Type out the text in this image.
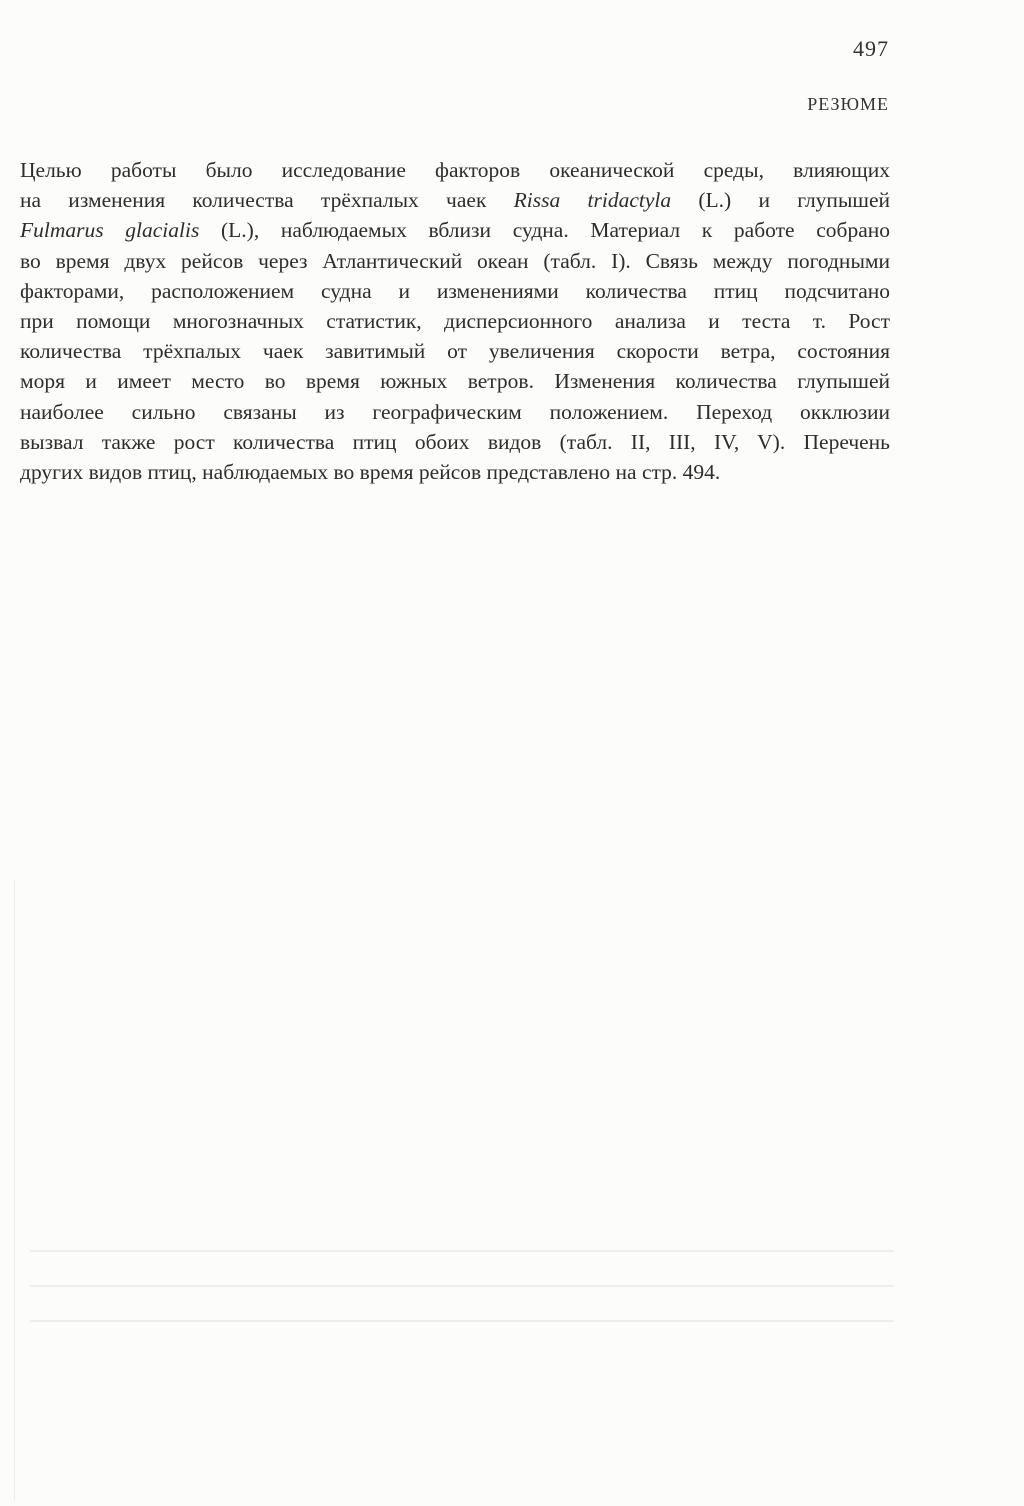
497
РЕЗЮМЕ
Целью работы было исследование факторов океанической среды, влияющих
на изменения количества трёхпалых чаек Rissa tridactyla (L.) и глупышей
Fulmarus glacialis (L.), наблюдаемых вблизи судна. Материал к работе собрано
во время двух рейсов через Атлантический океан (табл. I). Связь между погодными
факторами, расположением судна и изменениями количества птиц подсчитано
при помощи многозначных статистик, дисперсионного анализа и теста т. Рост
количества трёхпалых чаек завитимый от увеличения скорости ветра, состояния
моря и имеет место во время южных ветров. Изменения количества глупышей
наиболее сильно связаны из географическим положением. Переход окклюзии
вызвал также рост количества птиц обоих видов (табл. II, III, IV, V). Перечень
других видов птиц, наблюдаемых во время рейсов представлено на стр. 494.
